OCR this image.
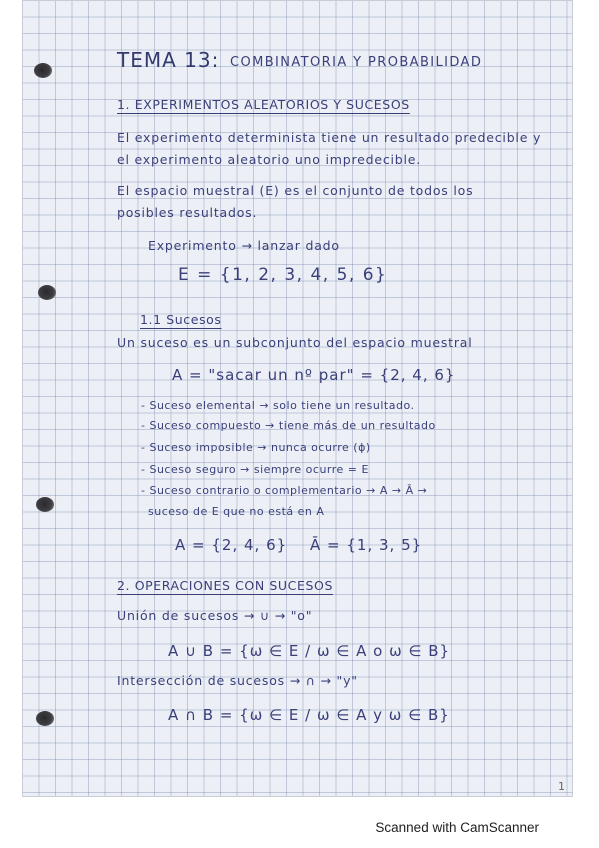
TEMA 13: COMBINATORIA Y PROBABILIDAD
1. EXPERIMENTOS ALEATORIOS Y SUCESOS
El experimento determinista tiene un resultado predecible y
el experimento aleatorio uno impredecible.
El espacio muestral (E) es el conjunto de todos los
posibles resultados.
Experimento → lanzar dado
E = {1, 2, 3, 4, 5, 6}
1.1 Sucesos
Un suceso es un subconjunto del espacio muestral
A = "sacar un nº par" = {2, 4, 6}
- Suceso elemental → solo tiene un resultado.
- Suceso compuesto → tiene más de un resultado
- Suceso imposible → nunca ocurre (ϕ)
- Suceso seguro → siempre ocurre = E
- Suceso contrario o complementario → A → Ā →
suceso de E que no está en A
A = {2, 4, 6} Ā = {1, 3, 5}
2. OPERACIONES CON SUCESOS
Unión de sucesos → ∪ → "o"
A ∪ B = {ω ∈ E / ω ∈ A o ω ∈ B}
Intersección de sucesos → ∩ → "y"
A ∩ B = {ω ∈ E / ω ∈ A y ω ∈ B}
1
Scanned with CamScanner
